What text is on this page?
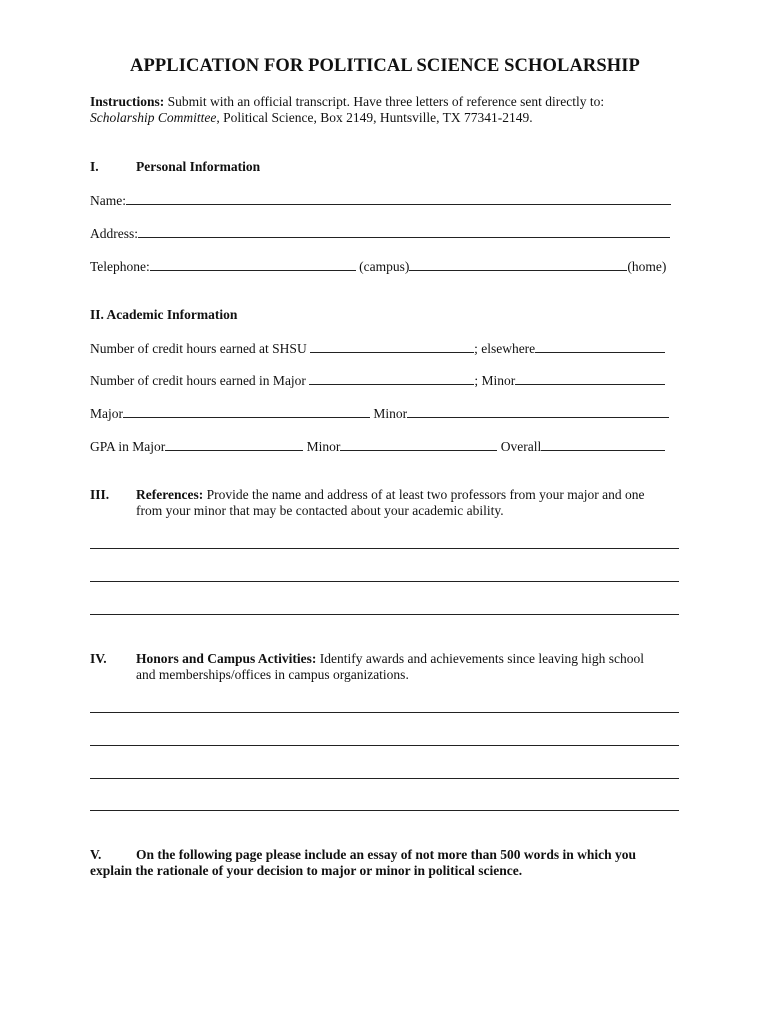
APPLICATION FOR POLITICAL SCIENCE SCHOLARSHIP
Instructions: Submit with an official transcript. Have three letters of reference sent directly to:
Scholarship Committee, Political Science, Box 2149, Huntsville, TX 77341-2149.
I.	Personal Information
Name:
Address:
Telephone:	(campus)	(home)
II. Academic Information
Number of credit hours earned at SHSU	; elsewhere
Number of credit hours earned in Major	; Minor
Major	Minor
GPA in Major	Minor	Overall
III. References: Provide the name and address of at least two professors from your major and one
from your minor that may be contacted about your academic ability.
IV. Honors and Campus Activities: Identify awards and achievements since leaving high school
and memberships/offices in campus organizations.
V.	On the following page please include an essay of not more than 500 words in which you
explain the rationale of your decision to major or minor in political science.
